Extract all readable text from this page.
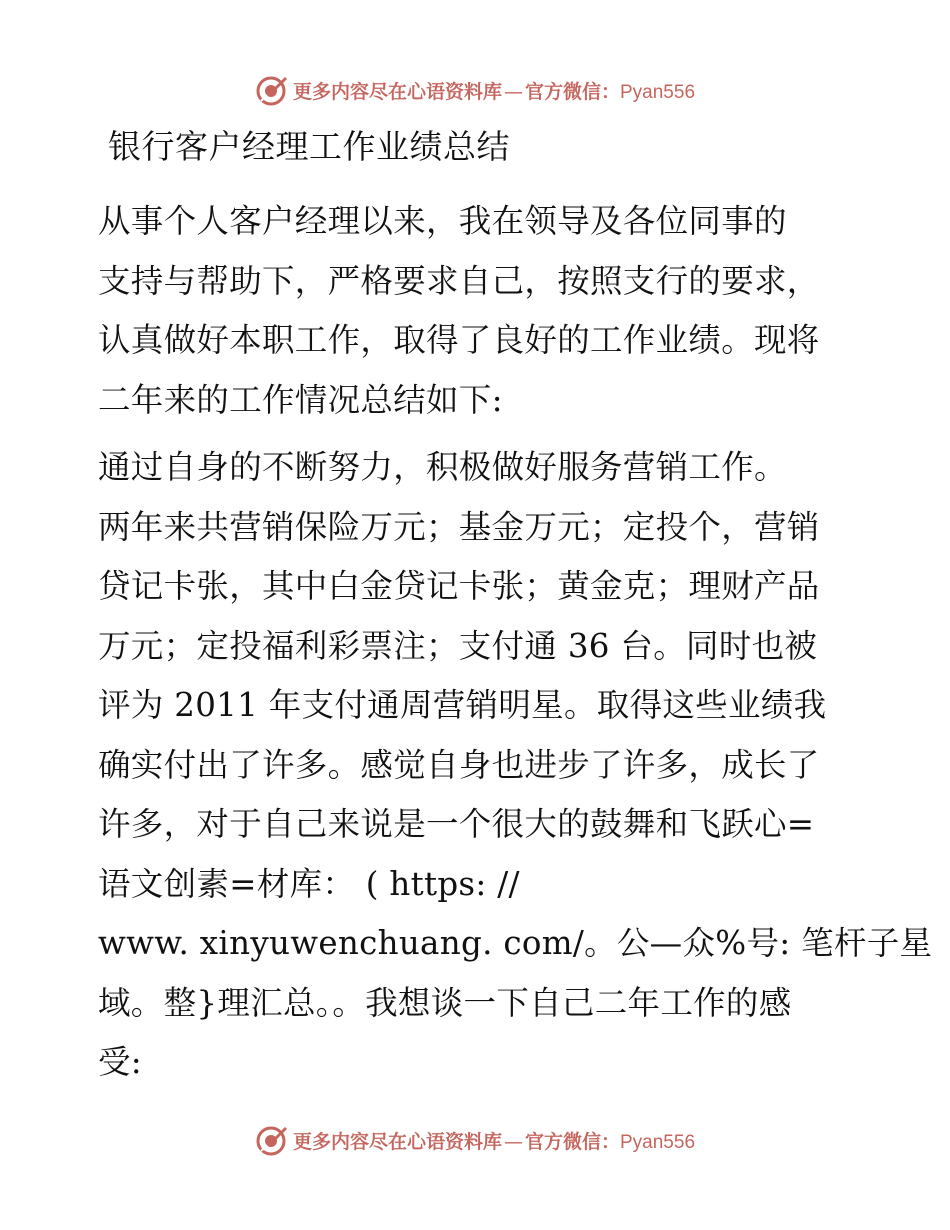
更多内容尽在心语资料库 — 官方微信：Pyan556
银行客户经理工作业绩总结
从事个人客户经理以来，我在领导及各位同事的
支持与帮助下，严格要求自己，按照支行的要求，
认真做好本职工作，取得了良好的工作业绩。现将
二年来的工作情况总结如下:
通过自身的不断努力，积极做好服务营销工作。
两年来共营销保险万元；基金万元；定投个，营销
贷记卡张，其中白金贷记卡张；黄金克；理财产品
万元；定投福利彩票注；支付通 36 台。同时也被
评为 2011 年支付通周营销明星。取得这些业绩我
确实付出了许多。感觉自身也进步了许多，成长了
许多，对于自己来说是一个很大的鼓舞和飞跃心=
语文创素=材库： ( https: //
www. xinyuwenchuang. com/。公—众%号: 笔杆子星
域。整}理汇总。。我想谈一下自己二年工作的感
受:
更多内容尽在心语资料库 — 官方微信：Pyan556
